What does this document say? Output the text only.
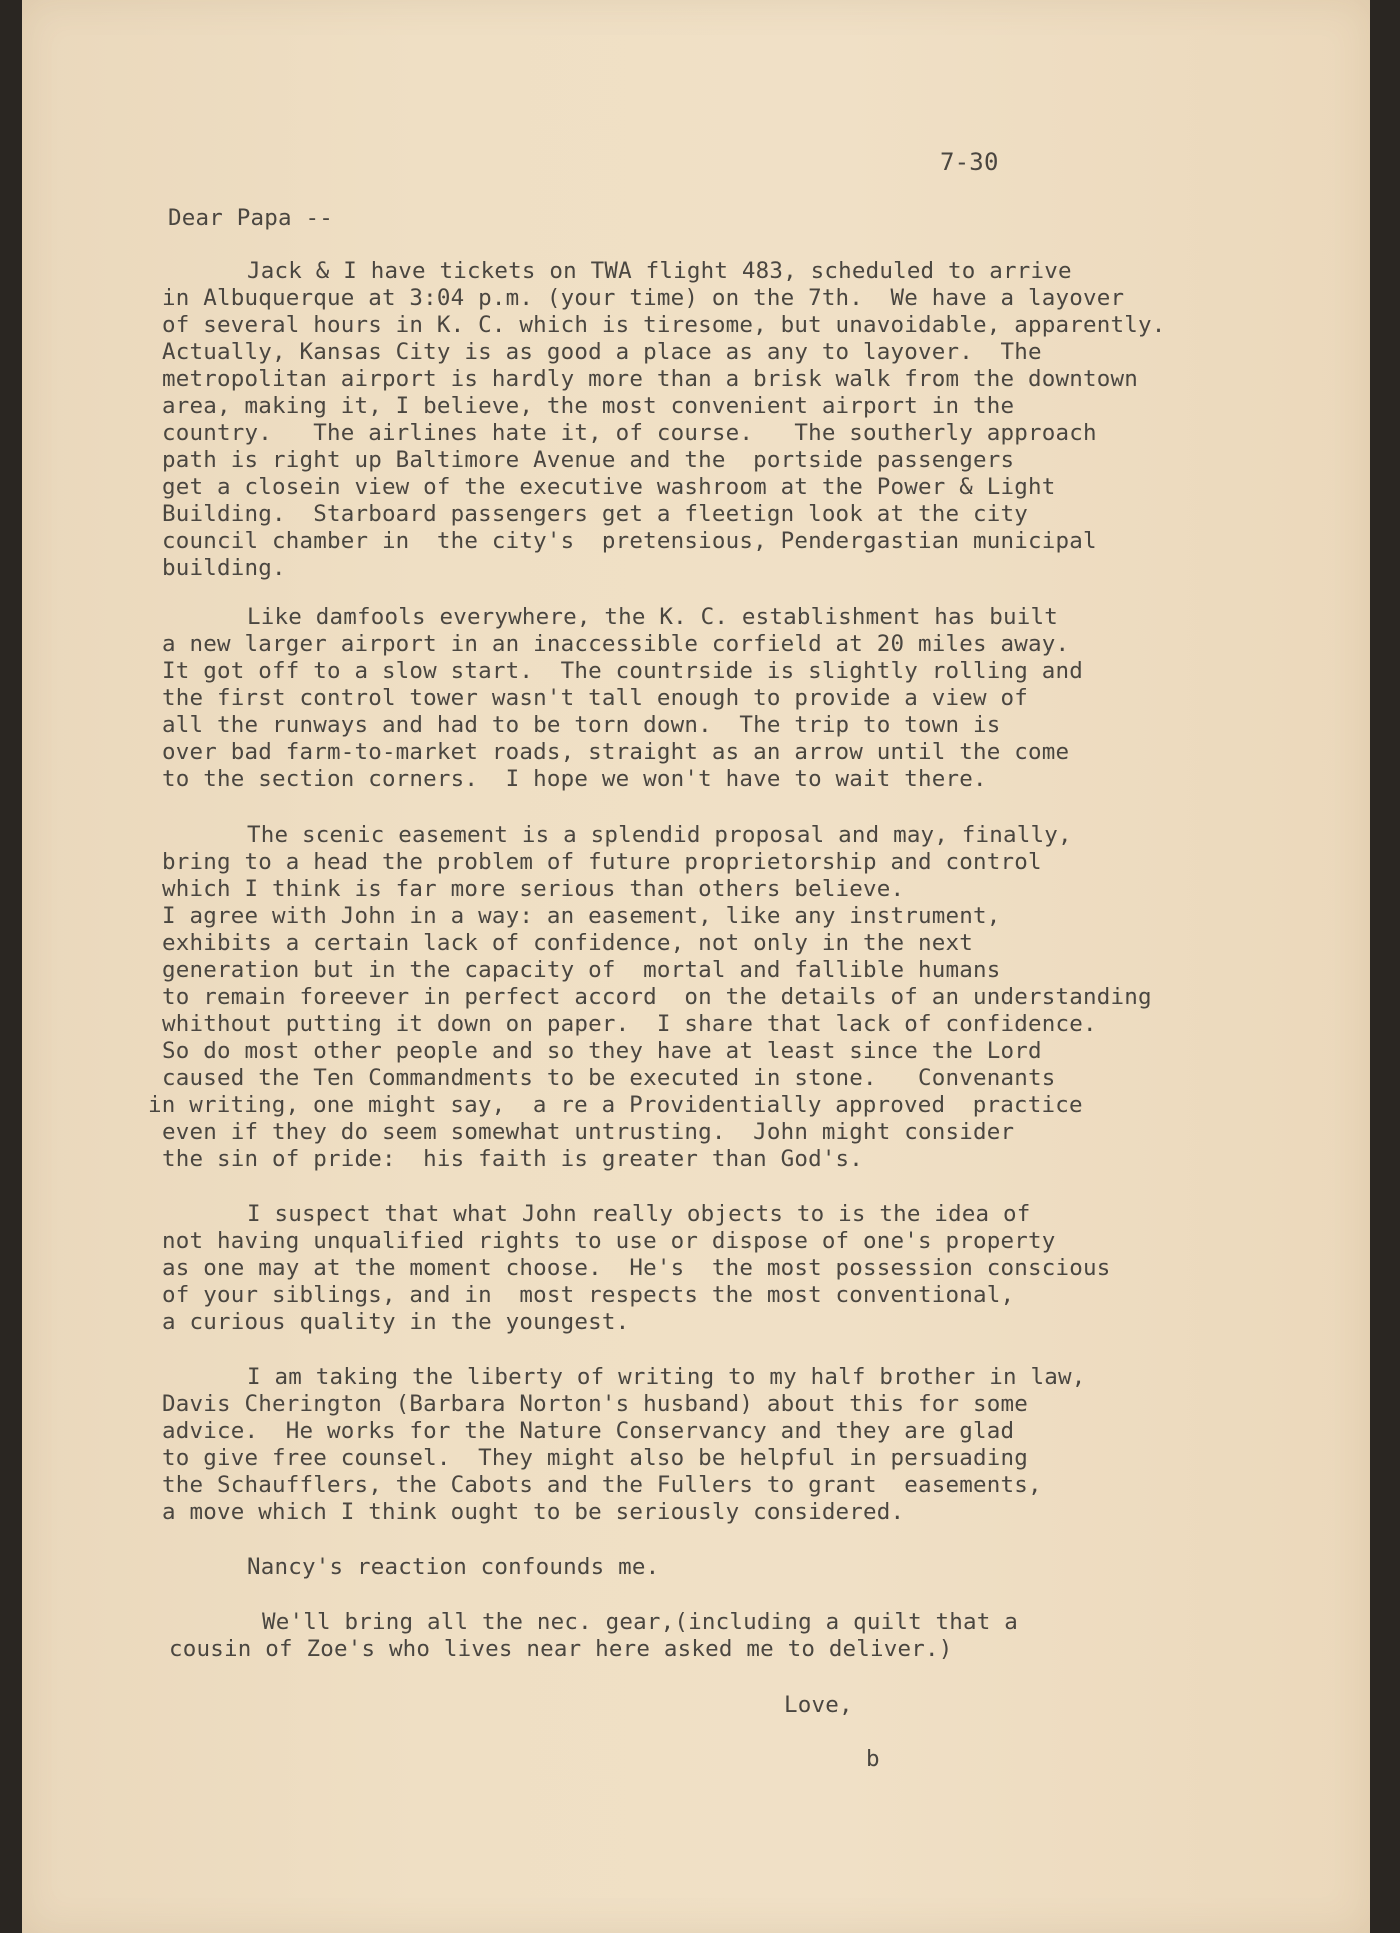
7-30
Dear Papa --
Jack & I have tickets on TWA flight 483, scheduled to arrive
in Albuquerque at 3:04 p.m. (your time) on the 7th.  We have a layover
of several hours in K. C. which is tiresome, but unavoidable, apparently.
Actually, Kansas City is as good a place as any to layover.  The
metropolitan airport is hardly more than a brisk walk from the downtown
area, making it, I believe, the most convenient airport in the
country.   The airlines hate it, of course.   The southerly approach
path is right up Baltimore Avenue and the  portside passengers
get a closein view of the executive washroom at the Power & Light
Building.  Starboard passengers get a fleetign look at the city
council chamber in  the city's  pretensious, Pendergastian municipal
building.
Like damfools everywhere, the K. C. establishment has built
a new larger airport in an inaccessible corfield at 20 miles away.
It got off to a slow start.  The countrside is slightly rolling and
the first control tower wasn't tall enough to provide a view of
all the runways and had to be torn down.  The trip to town is
over bad farm-to-market roads, straight as an arrow until the come
to the section corners.  I hope we won't have to wait there.
The scenic easement is a splendid proposal and may, finally,
bring to a head the problem of future proprietorship and control
which I think is far more serious than others believe.
I agree with John in a way: an easement, like any instrument,
exhibits a certain lack of confidence, not only in the next
generation but in the capacity of  mortal and fallible humans
to remain foreever in perfect accord  on the details of an understanding
whithout putting it down on paper.  I share that lack of confidence.
So do most other people and so they have at least since the Lord
caused the Ten Commandments to be executed in stone.   Convenants
in writing, one might say,  a re a Providentially approved  practice
even if they do seem somewhat untrusting.  John might consider
the sin of pride:  his faith is greater than God's.
I suspect that what John really objects to is the idea of
not having unqualified rights to use or dispose of one's property
as one may at the moment choose.  He's  the most possession conscious
of your siblings, and in  most respects the most conventional,
a curious quality in the youngest.
I am taking the liberty of writing to my half brother in law,
Davis Cherington (Barbara Norton's husband) about this for some
advice.  He works for the Nature Conservancy and they are glad
to give free counsel.  They might also be helpful in persuading
the Schaufflers, the Cabots and the Fullers to grant  easements,
a move which I think ought to be seriously considered.
Nancy's reaction confounds me.
We'll bring all the nec. gear,(including a quilt that a
cousin of Zoe's who lives near here asked me to deliver.)
Love,
b
